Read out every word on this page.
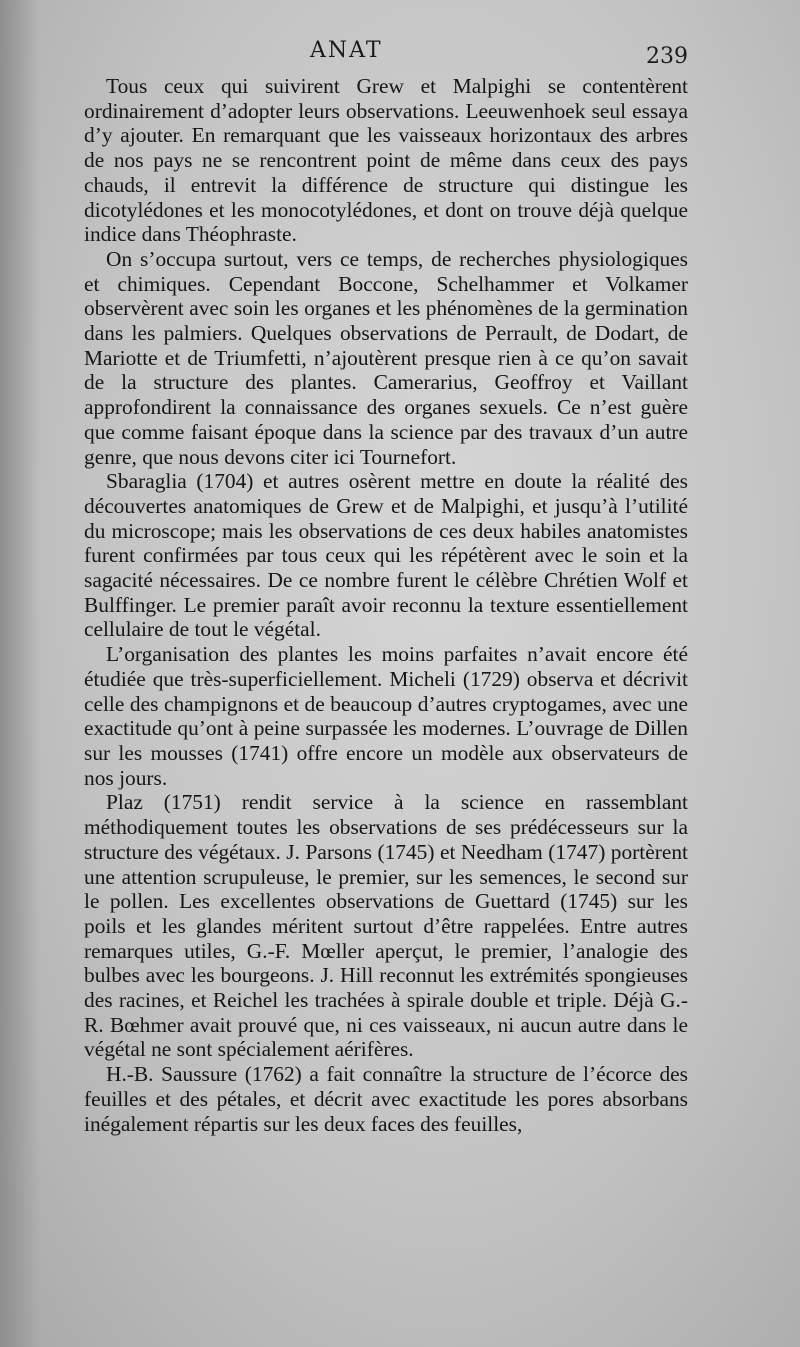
ANAT	239

Tous ceux qui suivirent Grew et Malpighi se contentèrent ordinairement d’adopter leurs observations. Leeuwenhoek seul essaya d’y ajouter. En remarquant que les vaisseaux horizontaux des arbres de nos pays ne se rencontrent point de même dans ceux des pays chauds, il entrevit la différence de structure qui distingue les dicotylédones et les monocotylédones, et dont on trouve déjà quelque indice dans Théophraste.

On s’occupa surtout, vers ce temps, de recherches physiologiques et chimiques. Cependant Boccone, Schelhammer et Volkamer observèrent avec soin les organes et les phénomènes de la germination dans les palmiers. Quelques observations de Perrault, de Dodart, de Mariotte et de Triumfetti, n’ajoutèrent presque rien à ce qu’on savait de la structure des plantes. Camerarius, Geoffroy et Vaillant approfondirent la connaissance des organes sexuels. Ce n’est guère que comme faisant époque dans la science par des travaux d’un autre genre, que nous devons citer ici Tournefort.

Sbaraglia (1704) et autres osèrent mettre en doute la réalité des découvertes anatomiques de Grew et de Malpighi, et jusqu’à l’utilité du microscope; mais les observations de ces deux habiles anatomistes furent confirmées par tous ceux qui les répétèrent avec le soin et la sagacité nécessaires. De ce nombre furent le célèbre Chrétien Wolf et Bulffinger. Le premier paraît avoir reconnu la texture essentiellement cellulaire de tout le végétal.

L’organisation des plantes les moins parfaites n’avait encore été étudiée que très-superficiellement. Micheli (1729) observa et décrivit celle des champignons et de beaucoup d’autres cryptogames, avec une exactitude qu’ont à peine surpassée les modernes. L’ouvrage de Dillen sur les mousses (1741) offre encore un modèle aux observateurs de nos jours.

Plaz (1751) rendit service à la science en rassemblant méthodiquement toutes les observations de ses prédécesseurs sur la structure des végétaux. J. Parsons (1745) et Needham (1747) portèrent une attention scrupuleuse, le premier, sur les semences, le second sur le pollen. Les excellentes observations de Guettard (1745) sur les poils et les glandes méritent surtout d’être rappelées. Entre autres remarques utiles, G.-F. Mœller aperçut, le premier, l’analogie des bulbes avec les bourgeons. J. Hill reconnut les extrémités spongieuses des racines, et Reichel les trachées à spirale double et triple. Déjà G.-R. Bœhmer avait prouvé que, ni ces vaisseaux, ni aucun autre dans le végétal ne sont spécialement aérifères.

H.-B. Saussure (1762) a fait connaître la structure de l’écorce des feuilles et des pétales, et décrit avec exactitude les pores absorbans inégalement répartis sur les deux faces des feuilles,
